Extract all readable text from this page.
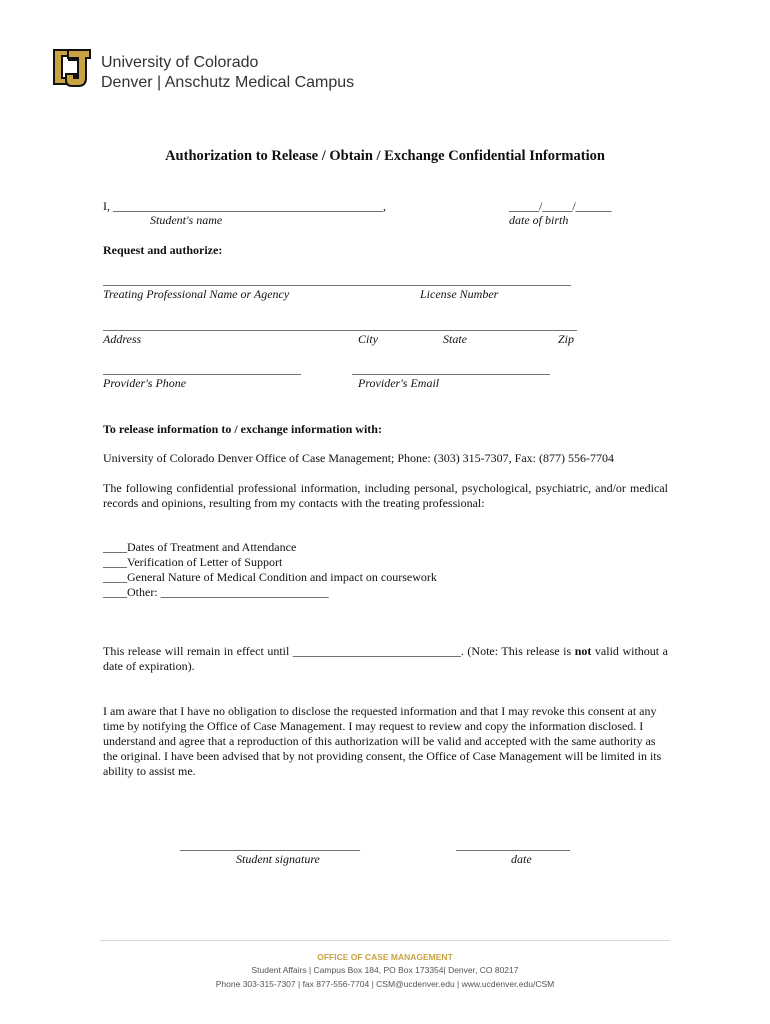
University of Colorado
Denver | Anschutz Medical Campus
Authorization to Release / Obtain / Exchange Confidential Information
I, _____________________________________________,	_____/_____/______
Student's name	date of birth
Request and authorize:
______________________________________________________________________________
Treating Professional Name or Agency	License Number
_______________________________________________________________________________
Address	City	State	Zip
_________________________________	_________________________________
Provider's Phone	Provider's Email
To release information to / exchange information with:
University of Colorado Denver Office of Case Management; Phone: (303) 315-7307, Fax: (877) 556-7704
The following confidential professional information, including personal, psychological, psychiatric, and/or medical records and opinions, resulting from my contacts with the treating professional:
____Dates of Treatment and Attendance
____Verification of Letter of Support
____General Nature of Medical Condition and impact on coursework
____Other: ____________________________
This release will remain in effect until ____________________________. (Note: This release is not valid without a date of expiration).
I am aware that I have no obligation to disclose the requested information and that I may revoke this consent at any time by notifying the Office of Case Management. I may request to review and copy the information disclosed. I understand and agree that a reproduction of this authorization will be valid and accepted with the same authority as the original. I have been advised that by not providing consent, the Office of Case Management will be limited in its ability to assist me.
______________________________	___________________
Student signature	date
OFFICE OF CASE MANAGEMENT
Student Affairs | Campus Box 184, PO Box 173354| Denver, CO 80217
Phone 303-315-7307 | fax 877-556-7704 | CSM@ucdenver.edu | www.ucdenver.edu/CSM
